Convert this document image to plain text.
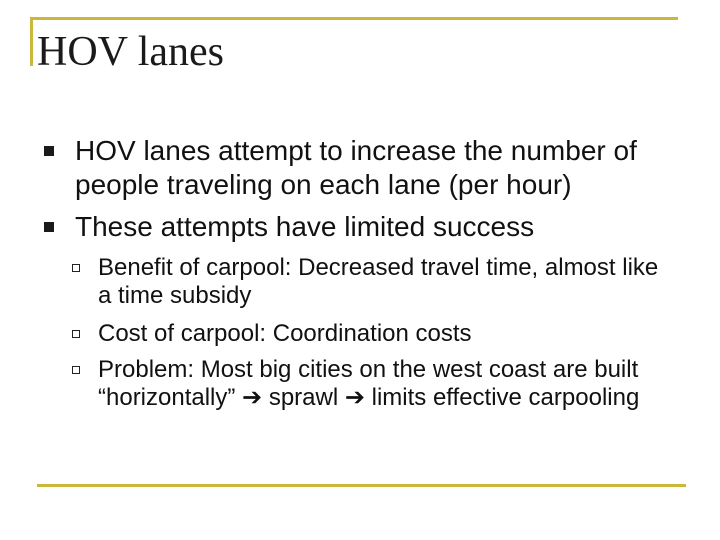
HOV lanes
HOV lanes attempt to increase the number of people traveling on each lane (per hour)
These attempts have limited success
Benefit of carpool: Decreased travel time, almost like a time subsidy
Cost of carpool: Coordination costs
Problem: Most big cities on the west coast are built “horizontally” ➔ sprawl ➔ limits effective carpooling
